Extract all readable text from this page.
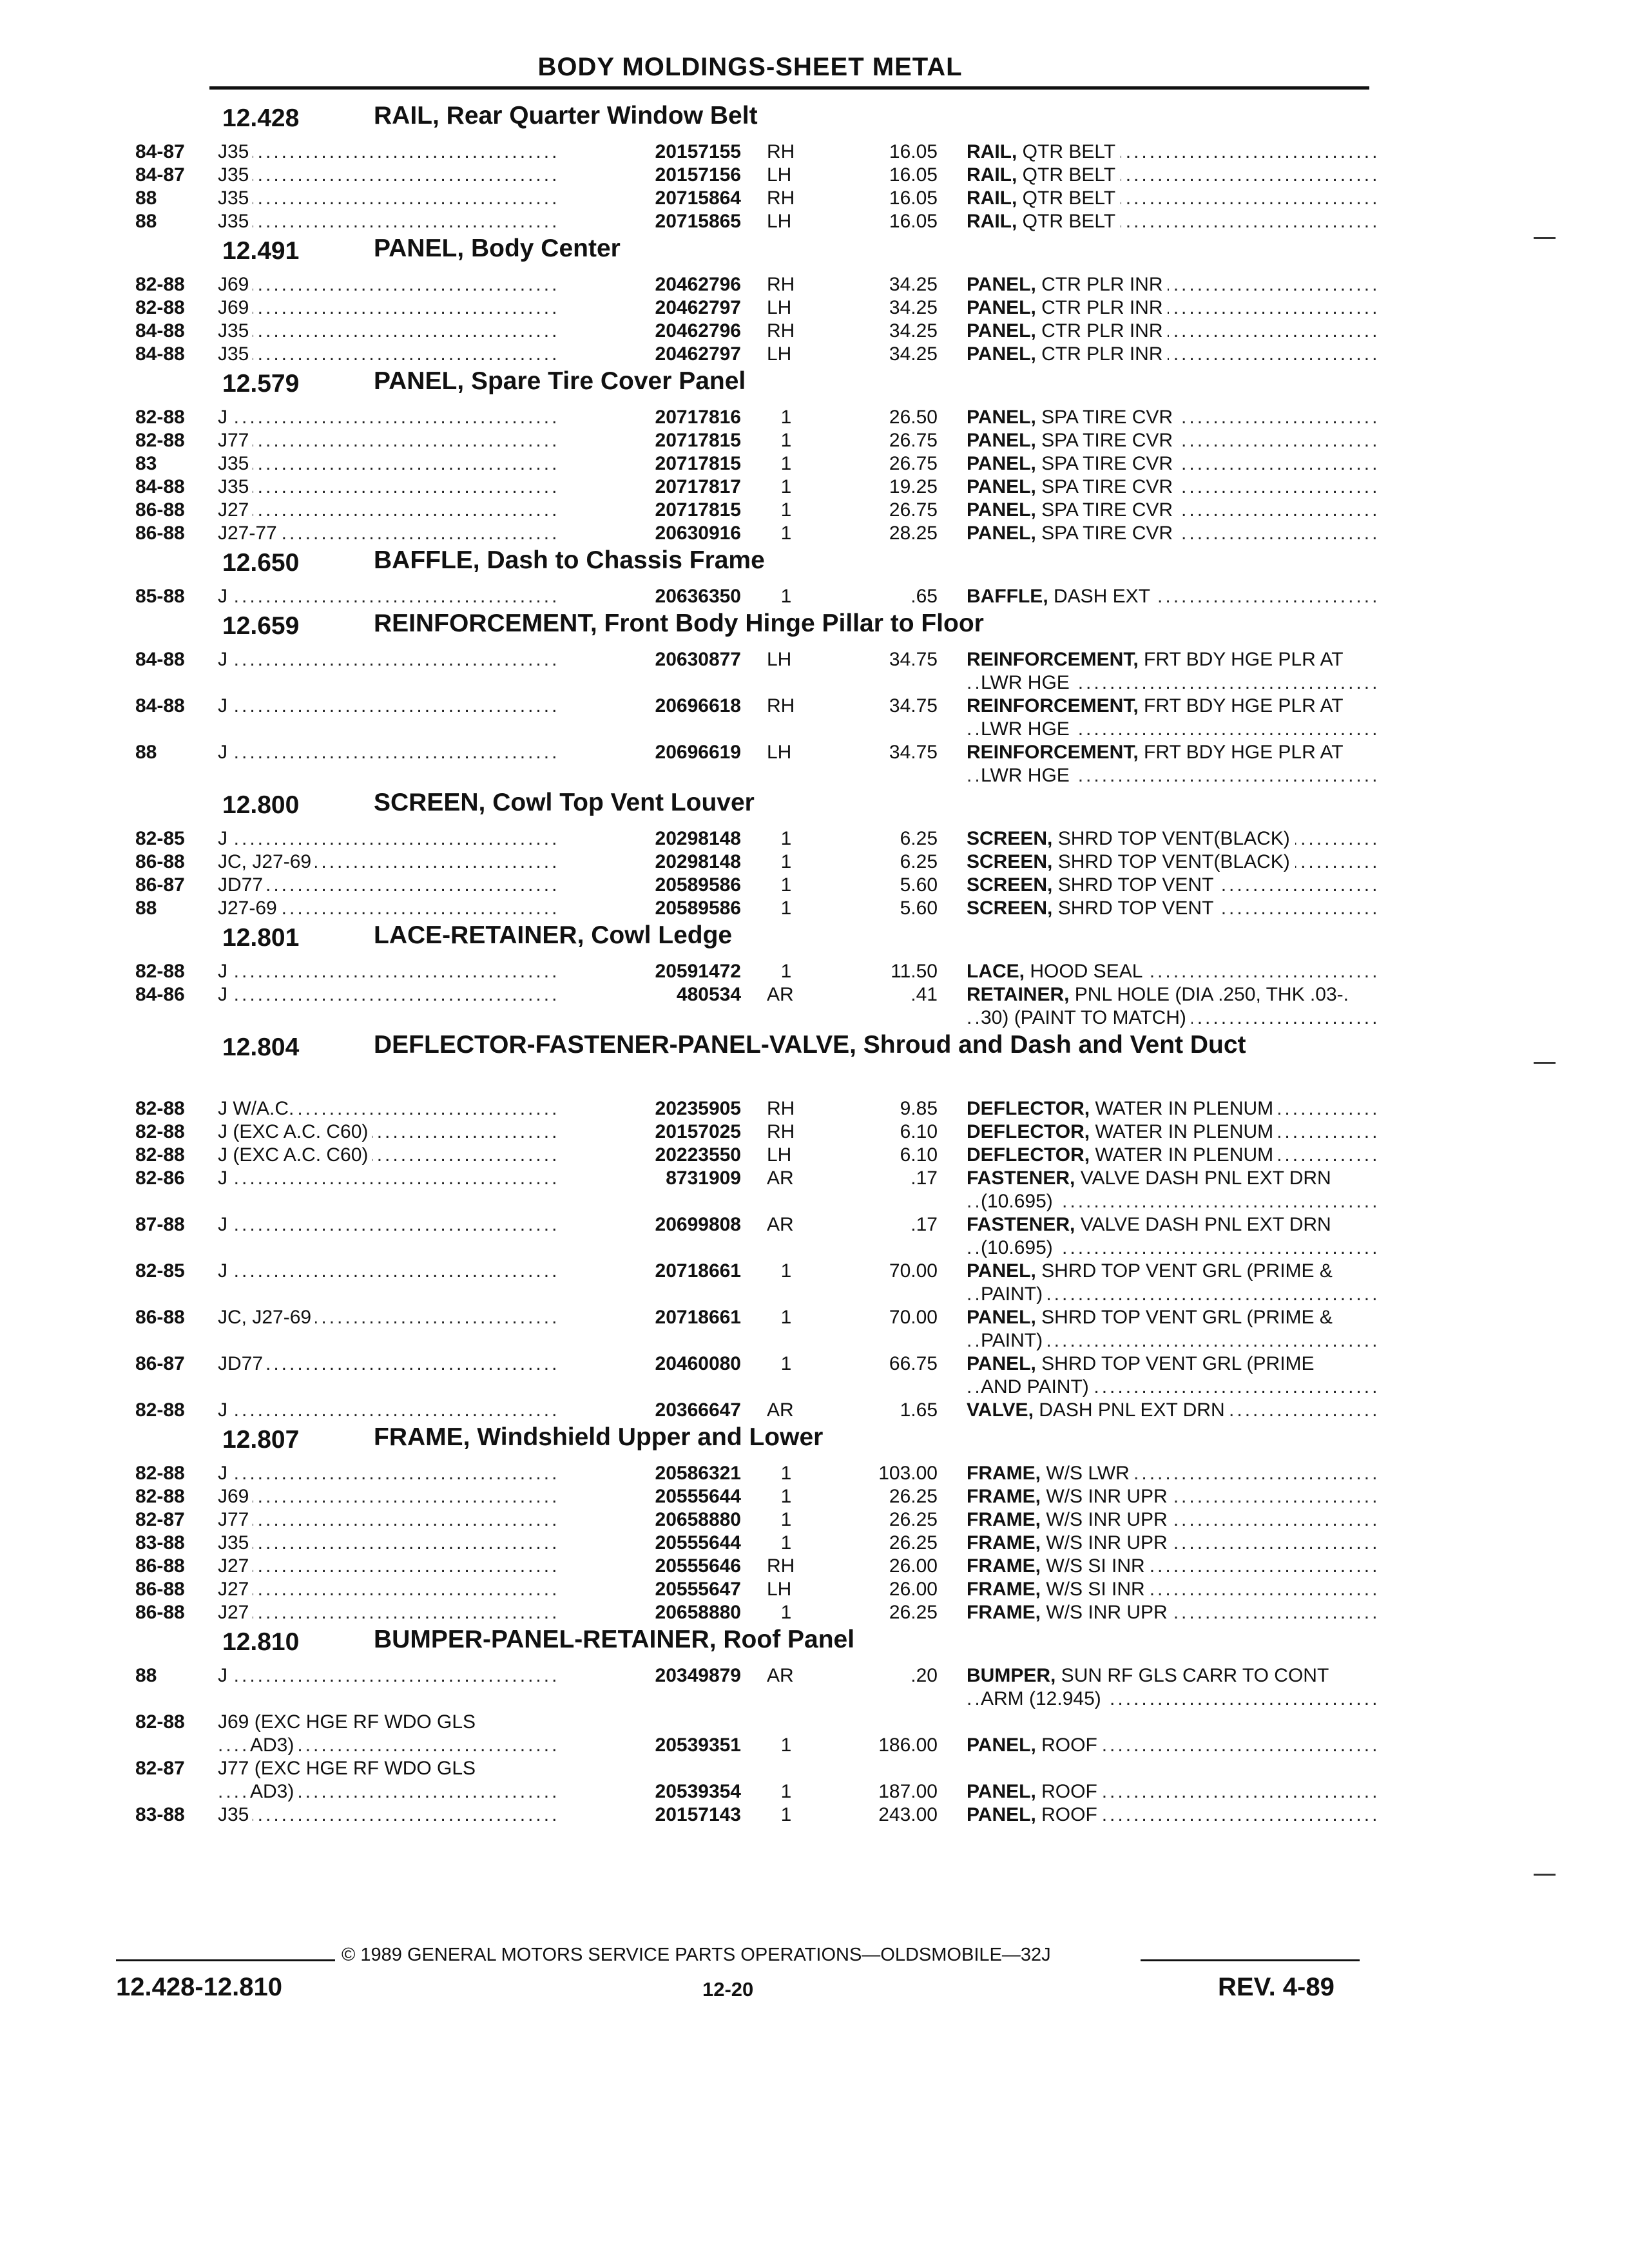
BODY MOLDINGS-SHEET METAL
12.428	RAIL, Rear Quarter Window Belt
84-87 J35 .....	20157155 RH	16.05 RAIL, QTR BELT .....
84-87 J35 .....	20157156 LH	16.05 RAIL, QTR BELT .....
88	J35 .....	20715864 RH	16.05 RAIL, QTR BELT .....
88	J35 .....	20715865 LH	16.05 RAIL, QTR BELT .....
12.491	PANEL, Body Center
82-88 J69 .....	20462796 RH	34.25 PANEL, CTR PLR INR .....
82-88 J69 .....	20462797 LH	34.25 PANEL, CTR PLR INR .....
84-88 J35 .....	20462796 RH	34.25 PANEL, CTR PLR INR .....
84-88 J35 .....	20462797 LH	34.25 PANEL, CTR PLR INR .....
12.579	PANEL, Spare Tire Cover Panel
82-88 J .....	20717816	1	26.50 PANEL, SPA TIRE CVR .....
82-88 J77 .....	20717815	1	26.75 PANEL, SPA TIRE CVR .....
83	J35 .....	20717815	1	26.75 PANEL, SPA TIRE CVR .....
84-88 J35 .....	20717817	1	19.25 PANEL, SPA TIRE CVR .....
86-88 J27 .....	20717815	1	26.75 PANEL, SPA TIRE CVR .....
86-88 J27-77 .....	20630916	1	28.25 PANEL, SPA TIRE CVR .....
12.650	BAFFLE, Dash to Chassis Frame
85-88 J .....	20636350	1	.65 BAFFLE, DASH EXT .....
12.659	REINFORCEMENT, Front Body Hinge Pillar to Floor
84-88 J .....	20630877 LH	34.75 REINFORCEMENT, FRT BDY HGE PLR AT
LWR HGE
.....
84-88 J .....	20696618 RH	34.75 REINFORCEMENT, FRT BDY HGE PLR AT
LWR HGE
.....
88	J .....	20696619 LH	34.75 REINFORCEMENT, FRT BDY HGE PLR AT
LWR HGE
.....
12.800	SCREEN, Cowl Top Vent Louver
82-85 J .....	20298148	1	6.25 SCREEN, SHRD TOP VENT(BLACK) .....
86-88 JC, J27-69 .....	20298148	1	6.25 SCREEN, SHRD TOP VENT(BLACK) .....
86-87 JD77 .....	20589586	1	5.60 SCREEN, SHRD TOP VENT .....
88	J27-69 .....	20589586	1	5.60 SCREEN, SHRD TOP VENT .....
12.801	LACE-RETAINER, Cowl Ledge
82-88 J .....	20591472	1	11.50 LACE, HOOD SEAL .....
84-86 J .....	480534 AR	.41 RETAINER, PNL HOLE (DIA .250, THK .03-.
30) (PAINT TO MATCH)
.....
12.804	DEFLECTOR-FASTENER-PANEL-VALVE, Shroud and Dash and Vent Duct
82-88 J W/A.C. .....	20235905 RH	9.85 DEFLECTOR, WATER IN PLENUM .....
82-88 J (EXC A.C. C60) .....	20157025 RH	6.10 DEFLECTOR, WATER IN PLENUM .....
82-88 J (EXC A.C. C60) .....	20223550 LH	6.10 DEFLECTOR, WATER IN PLENUM .....
82-86 J .....	8731909 AR	.17 FASTENER, VALVE DASH PNL EXT DRN
(10.695)
.....
87-88 J .....	20699808 AR	.17 FASTENER, VALVE DASH PNL EXT DRN
(10.695)
.....
82-85 J .....	20718661	1	70.00 PANEL, SHRD TOP VENT GRL (PRIME &
PAINT)
.....
86-88 JC, J27-69 .....	20718661	1	70.00 PANEL, SHRD TOP VENT GRL (PRIME &
PAINT)
.....
86-87 JD77 .....	20460080	1	66.75 PANEL, SHRD TOP VENT GRL (PRIME
AND PAINT)
.....
82-88 J .....	20366647 AR	1.65 VALVE, DASH PNL EXT DRN .....
12.807	FRAME, Windshield Upper and Lower
82-88 J .....	20586321	1	103.00 FRAME, W/S LWR .....
82-88 J69 .....	20555644	1	26.25 FRAME, W/S INR UPR .....
82-87 J77 .....	20658880	1	26.25 FRAME, W/S INR UPR .....
83-88 J35 .....	20555644	1	26.25 FRAME, W/S INR UPR .....
86-88 J27 .....	20555646 RH	26.00 FRAME, W/S SI INR .....
86-88 J27 .....	20555647 LH	26.00 FRAME, W/S SI INR .....
86-88 J27 .....	20658880	1	26.25 FRAME, W/S INR UPR .....
12.810	BUMPER-PANEL-RETAINER, Roof Panel
88	J .....	20349879 AR	.20 BUMPER, SUN RF GLS CARR TO CONT
ARM (12.945)
.....
82-88 J69 (EXC HGE RF WDO GLS
AD3) .....	20539351	1	186.00 PANEL, ROOF .....
82-87 J77 (EXC HGE RF WDO GLS
AD3) .....	20539354	1	187.00 PANEL, ROOF .....
83-88 J35 .....	20157143	1	243.00 PANEL, ROOF .....
© 1989 GENERAL MOTORS SERVICE PARTS OPERATIONS—OLDSMOBILE—32J
12.428-12.810	12-20	REV. 4-89
